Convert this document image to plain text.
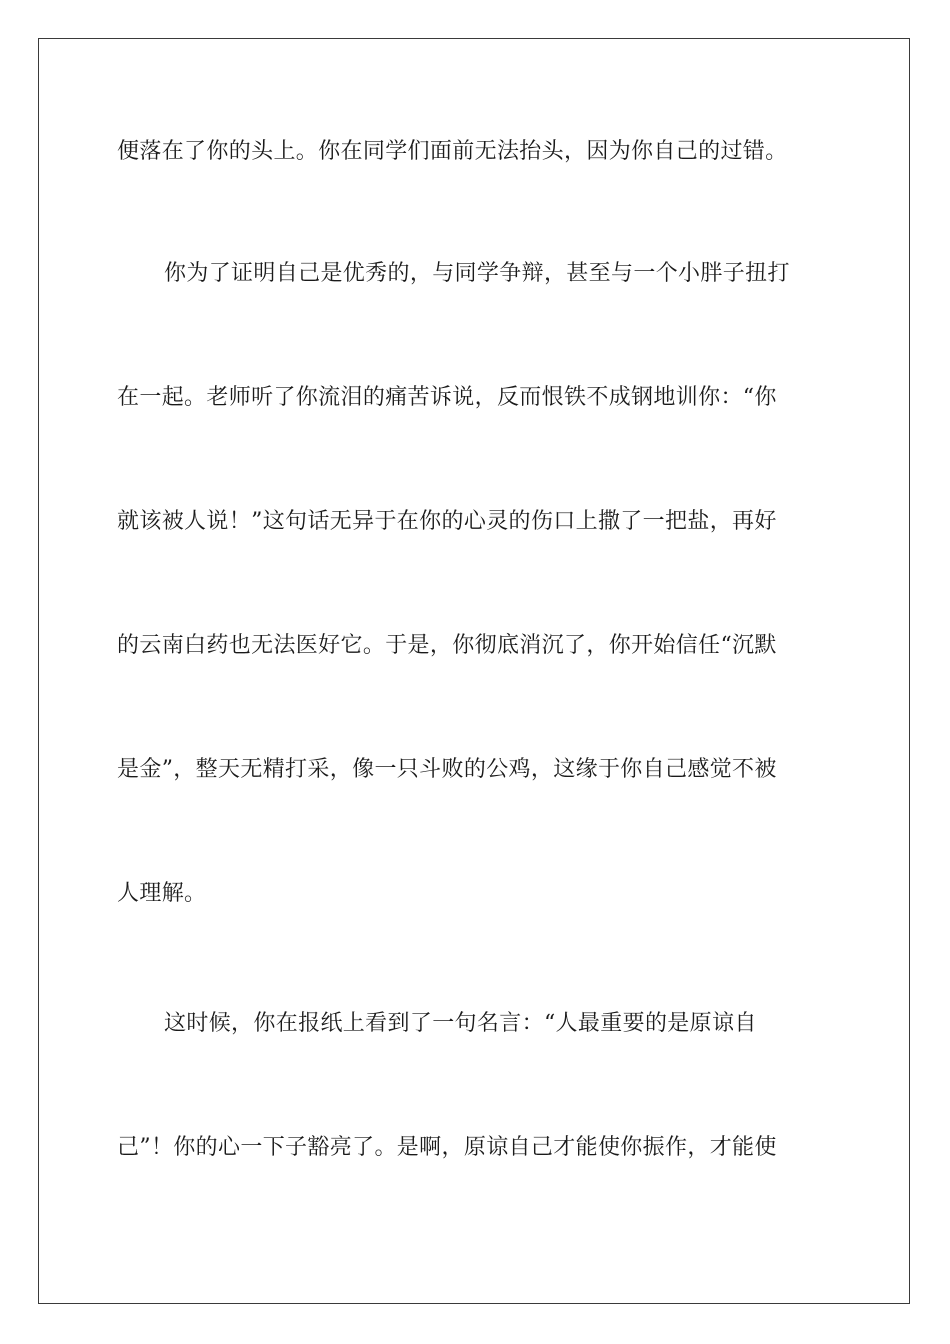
便落在了你的头上。你在同学们面前无法抬头，因为你自己的过错。
你为了证明自己是优秀的，与同学争辩，甚至与一个小胖子扭打
在一起。老师听了你流泪的痛苦诉说，反而恨铁不成钢地训你：“你
就该被人说！”这句话无异于在你的心灵的伤口上撒了一把盐，再好
的云南白药也无法医好它。于是，你彻底消沉了，你开始信任“沉默
是金”，整天无精打采，像一只斗败的公鸡，这缘于你自己感觉不被
人理解。
这时候，你在报纸上看到了一句名言：“人最重要的是原谅自
己”！你的心一下子豁亮了。是啊，原谅自己才能使你振作，才能使
